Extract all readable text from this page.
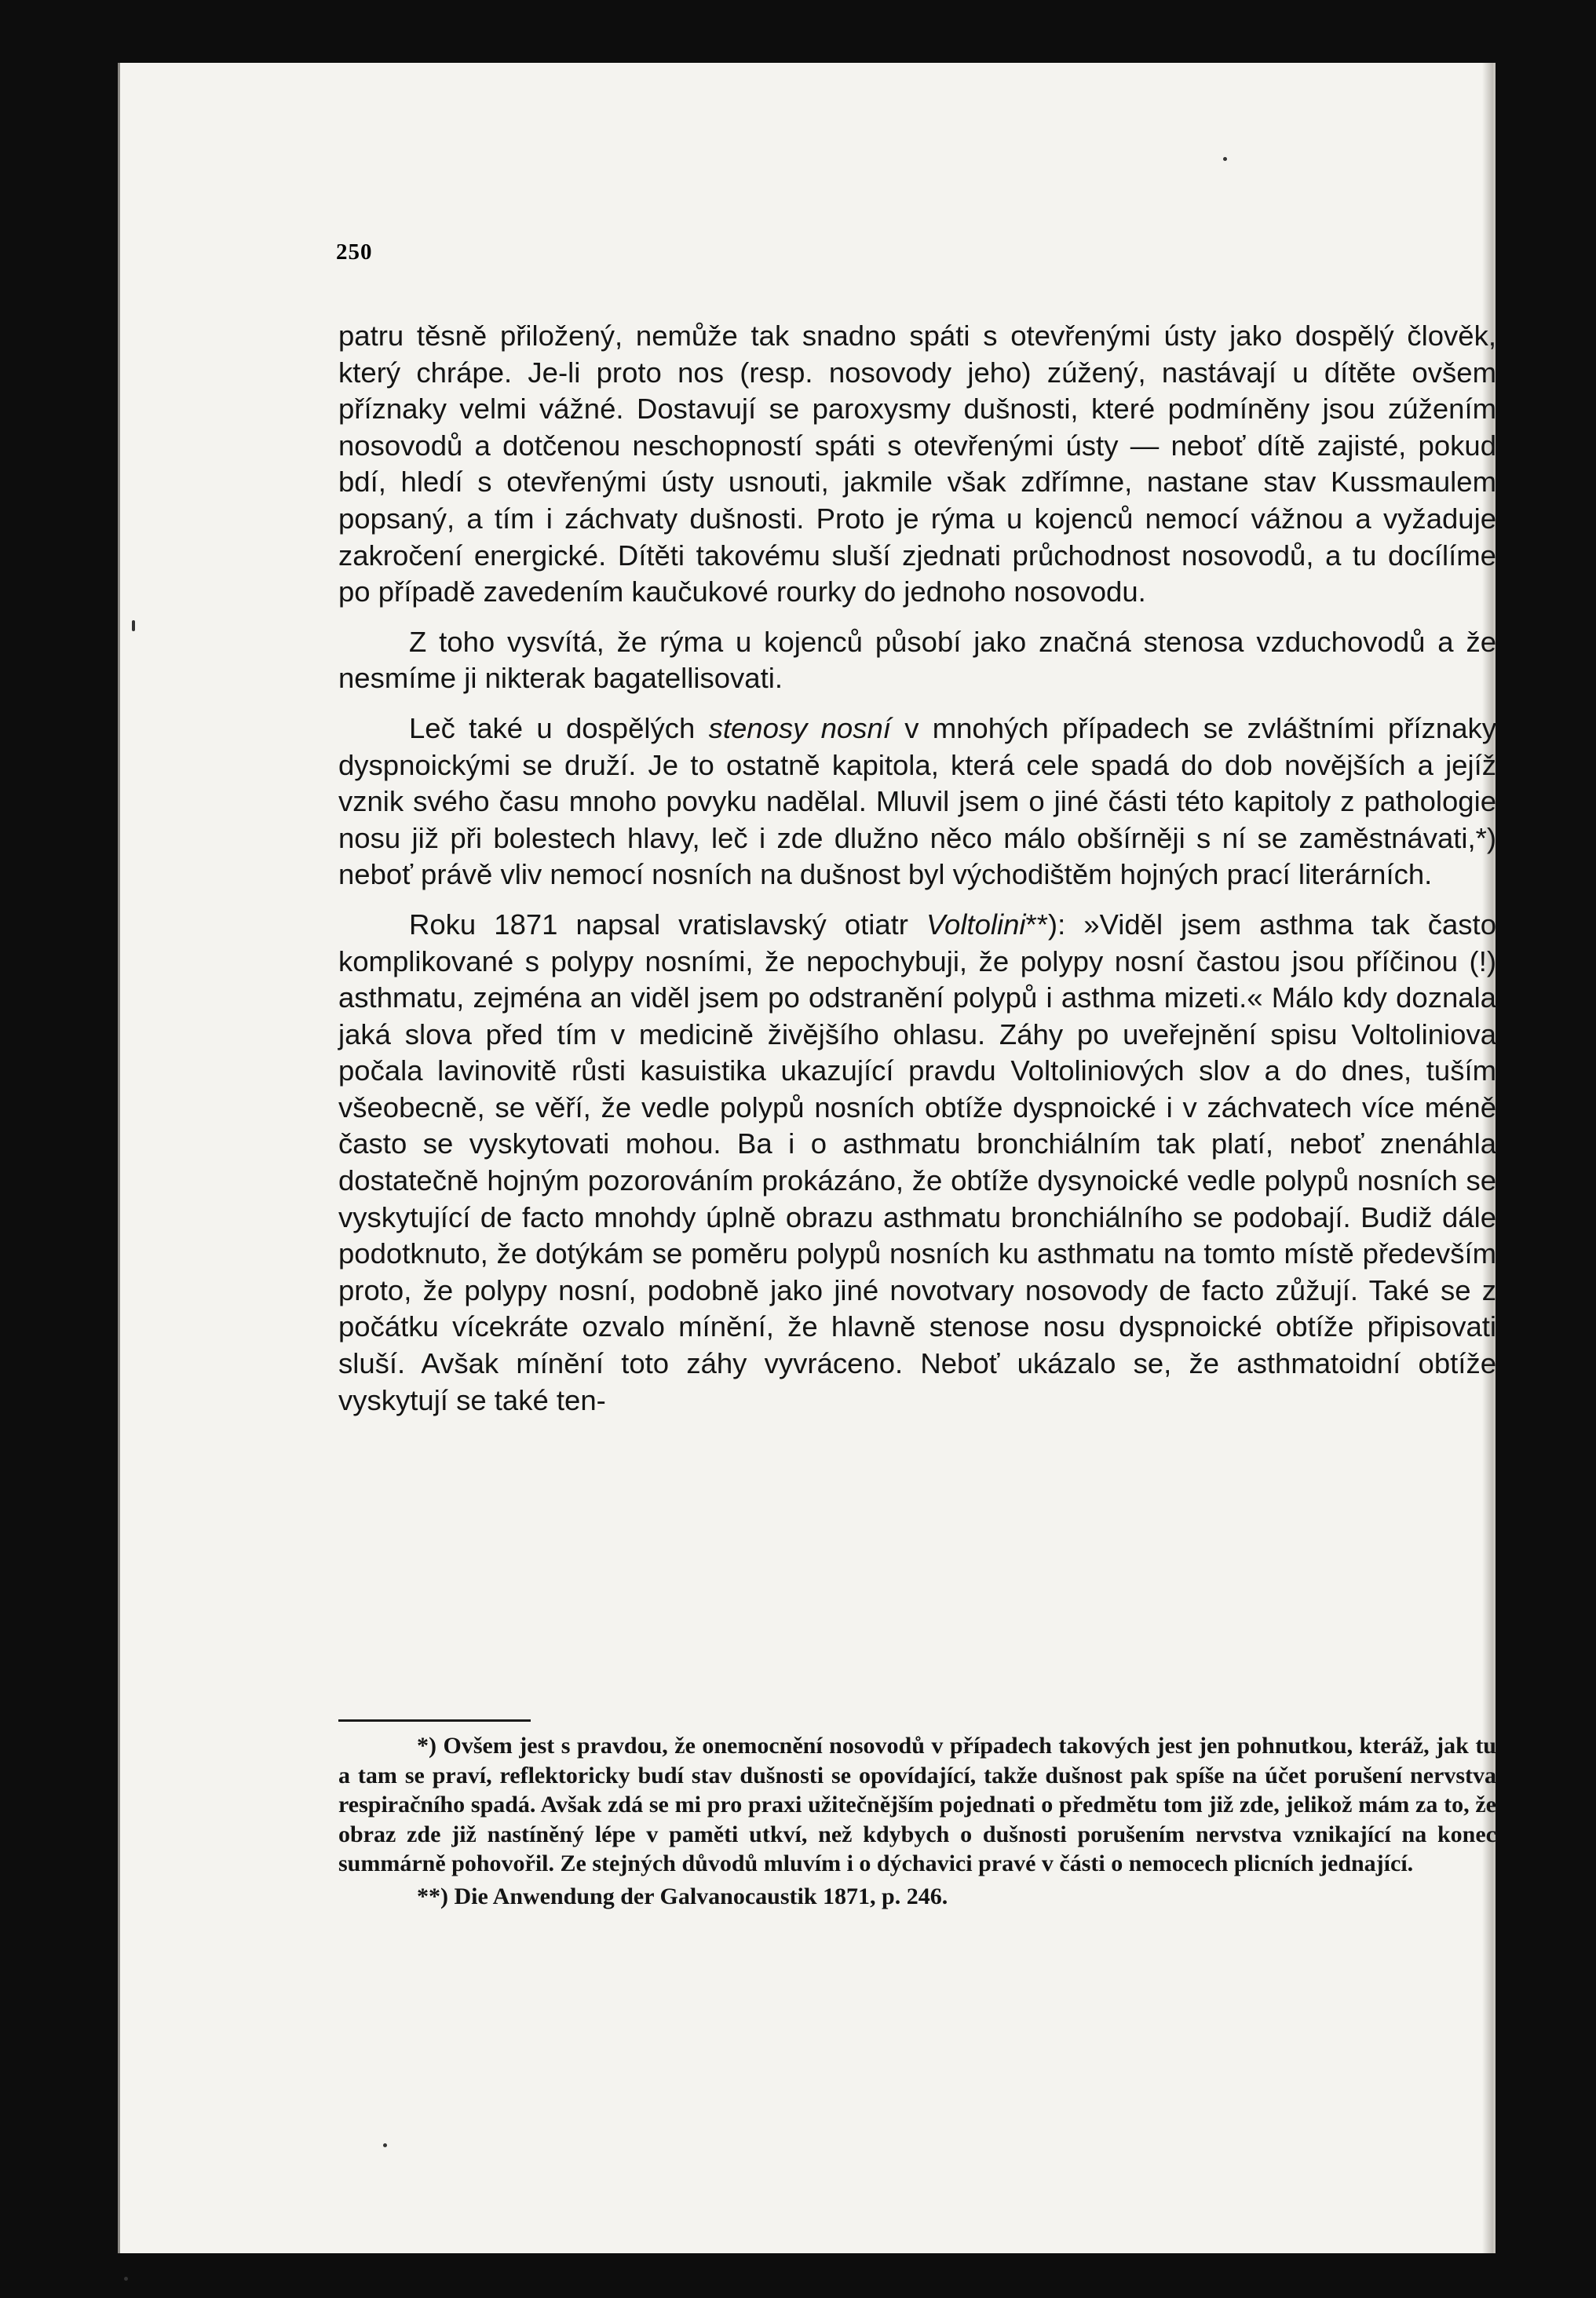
250

patru těsně přiložený, nemůže tak snadno spáti s otevřenými ústy jako dospělý člověk, který chrápe. Je-li proto nos (resp. nosovody jeho) zúžený, nastávají u dítěte ovšem příznaky velmi vážné. Dostavují se paroxysmy dušnosti, které podmíněny jsou zúžením nosovodů a dotčenou neschopností spáti s otevřenými ústy — neboť dítě zajisté, pokud bdí, hledí s otevřenými ústy usnouti, jakmile však zdřímne, nastane stav Kussmaulem popsaný, a tím i záchvaty dušnosti. Proto je rýma u kojenců nemocí vážnou a vyžaduje zakročení energické. Dítěti takovému sluší zjednati průchodnost nosovodů, a tu docílíme po případě zavedením kaučukové rourky do jednoho nosovodu.

Z toho vysvítá, že rýma u kojenců působí jako značná stenosa vzduchovodů a že nesmíme ji nikterak bagatellisovati.

Leč také u dospělých stenosy nosní v mnohých případech se zvláštními příznaky dyspnoickými se druží. Je to ostatně kapitola, která cele spadá do dob novějších a jejíž vznik svého času mnoho povyku nadělal. Mluvil jsem o jiné části této kapitoly z pathologie nosu již při bolestech hlavy, leč i zde dlužno něco málo obšírněji s ní se zaměstnávati,*) neboť právě vliv nemocí nosních na dušnost byl východištěm hojných prací literárních.

Roku 1871 napsal vratislavský otiatr Voltolini**): »Viděl jsem asthma tak často komplikované s polypy nosními, že nepochybuji, že polypy nosní častou jsou příčinou (!) asthmatu, zejména an viděl jsem po odstranění polypů i asthma mizeti.« Málo kdy doznala jaká slova před tím v medicině živějšího ohlasu. Záhy po uveřejnění spisu Voltoliniova počala lavinovitě růsti kasuistika ukazující pravdu Voltoliniových slov a do dnes, tuším všeobecně, se věří, že vedle polypů nosních obtíže dyspnoické i v záchvatech více méně často se vyskytovati mohou. Ba i o asthmatu bronchiálním tak platí, neboť znenáhla dostatečně hojným pozorováním prokázáno, že obtíže dysynoické vedle polypů nosních se vyskytující de facto mnohdy úplně obrazu asthmatu bronchiálního se podobají. Budiž dále podotknuto, že dotýkám se poměru polypů nosních ku asthmatu na tomto místě především proto, že polypy nosní, podobně jako jiné novotvary nosovody de facto zůžují. Také se z počátku vícekráte ozvalo mínění, že hlavně stenose nosu dyspnoické obtíže připisovati sluší. Avšak mínění toto záhy vyvráceno. Neboť ukázalo se, že asthmatoidní obtíže vyskytují se také ten-

*) Ovšem jest s pravdou, že onemocnění nosovodů v případech takových jest jen pohnutkou, kteráž, jak tu a tam se praví, reflektoricky budí stav dušnosti se opovídající, takže dušnost pak spíše na účet porušení nervstva respiračního spadá. Avšak zdá se mi pro praxi užitečnějším pojednati o předmětu tom již zde, jelikož mám za to, že obraz zde již nastíněný lépe v paměti utkví, než kdybych o dušnosti porušením nervstva vznikající na konec summárně pohovořil. Ze stejných důvodů mluvím i o dýchavici pravé v části o nemocech plicních jednající.

**) Die Anwendung der Galvanocaustik 1871, p. 246.
